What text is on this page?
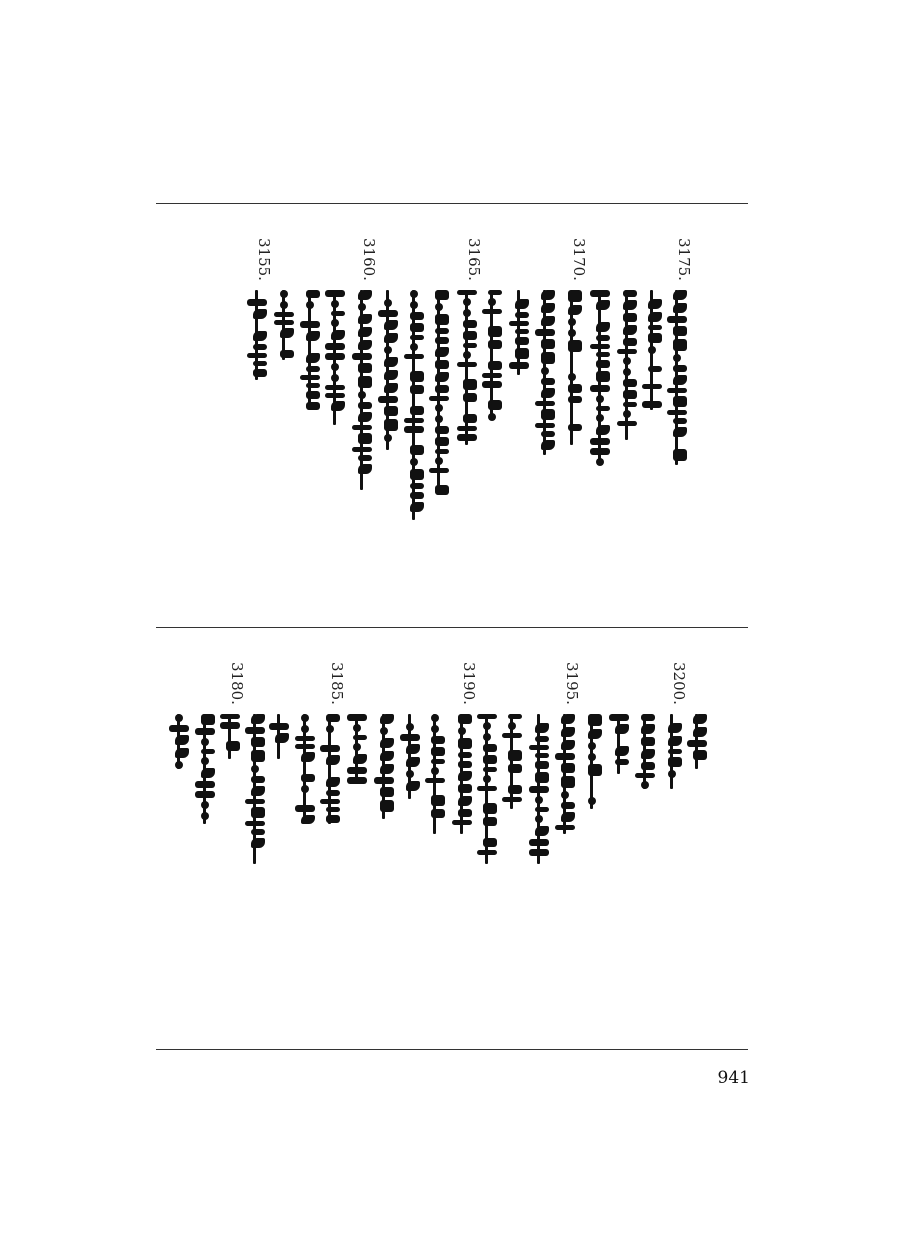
3175.
3170.
3165.
3160.
3155.
3200.
3195.
3190.
3185.
3180.
941
